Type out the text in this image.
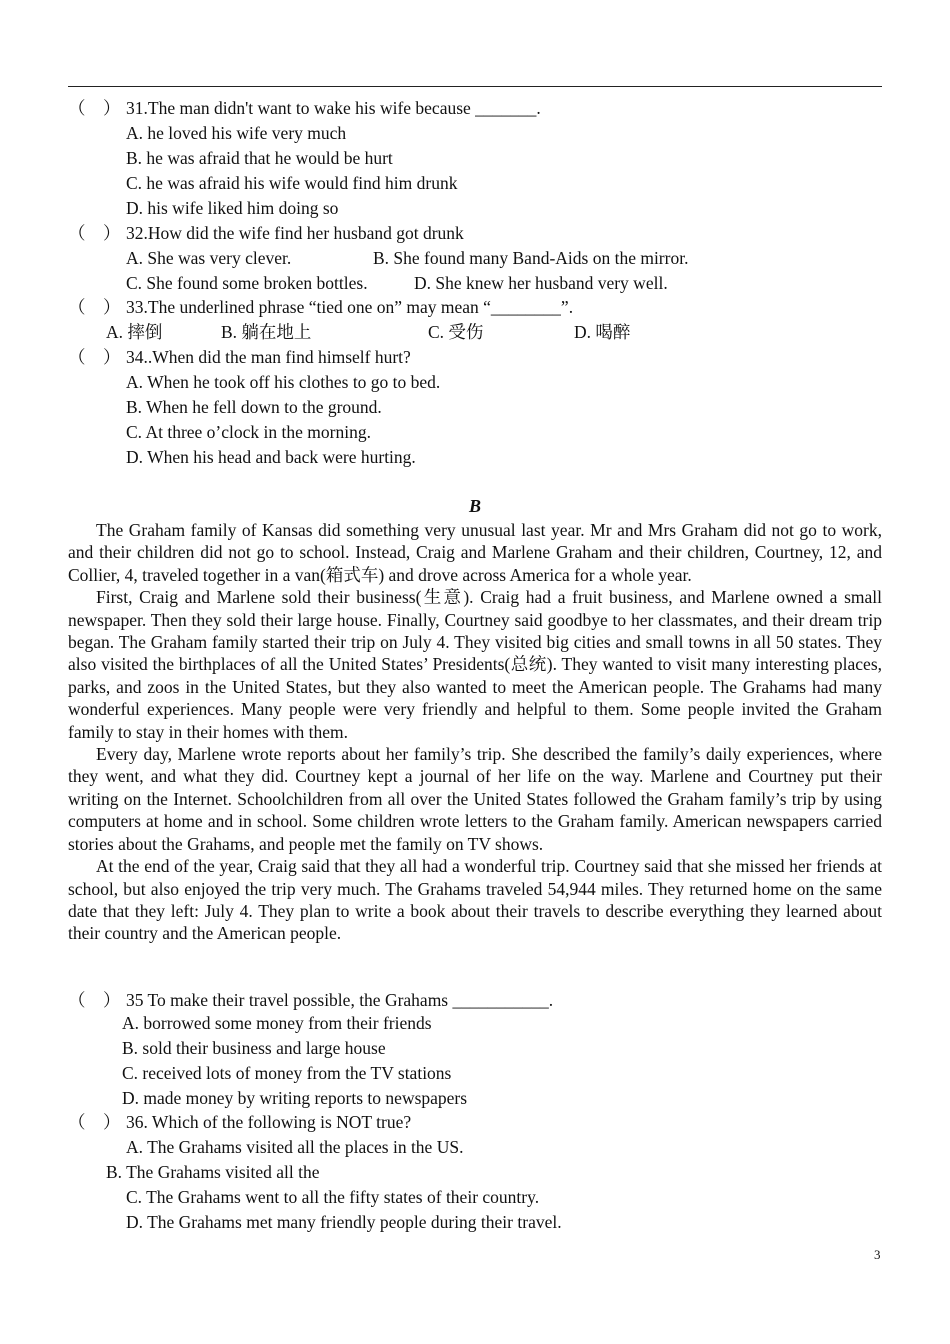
（    ） 31.The man didn't want to wake his wife because _______.
A. he loved his wife very much
B. he was afraid that he would be hurt
C. he was afraid his wife would find him drunk
D. his wife liked him doing so
（    ） 32.How did the wife find her husband got drunk
A. She was very clever.	B. She found many Band-Aids on the mirror.
C. She found some broken bottles.	D. She knew her husband very well.
（    ） 33.The underlined phrase “tied one on” may mean “________”.
A. 摔倒	B. 躺在地上	C. 受伤	D. 喝醉
（    ） 34..When did the man find himself hurt?
A. When he took off his clothes to go to bed.
B. When he fell down to the ground.
C. At three o’clock in the morning.
D. When his head and back were hurting.
B

The Graham family of Kansas did something very unusual last year. Mr and Mrs Graham did not go to work, and their children did not go to school. Instead, Craig and Marlene Graham and their children, Courtney, 12, and Collier, 4, traveled together in a van(箱式车) and drove across America for a whole year.

First, Craig and Marlene sold their business(生意). Craig had a fruit business, and Marlene owned a small newspaper. Then they sold their large house. Finally, Courtney said goodbye to her classmates, and their dream trip began. The Graham family started their trip on July 4. They visited big cities and small towns in all 50 states. They also visited the birthplaces of all the United States’ Presidents(总统). They wanted to visit many interesting places, parks, and zoos in the United States, but they also wanted to meet the American people. The Grahams had many wonderful experiences. Many people were very friendly and helpful to them. Some people invited the Graham family to stay in their homes with them.

Every day, Marlene wrote reports about her family’s trip. She described the family’s daily experiences, where they went, and what they did. Courtney kept a journal of her life on the way. Marlene and Courtney put their writing on the Internet. Schoolchildren from all over the United States followed the Graham family’s trip by using computers at home and in school. Some children wrote letters to the Graham family. American newspapers carried stories about the Grahams, and people met the family on TV shows.

At the end of the year, Craig said that they all had a wonderful trip. Courtney said that she missed her friends at school, but also enjoyed the trip very much. The Grahams traveled 54,944 miles. They returned home on the same date that they left: July 4. They plan to write a book about their travels to describe everything they learned about their country and the American people.

（    ） 35 To make their travel possible, the Grahams ___________.
A. borrowed some money from their friends
B. sold their business and large house
C. received lots of money from the TV stations
D. made money by writing reports to newspapers
（    ） 36. Which of the following is NOT true?
A. The Grahams visited all the places in the US.
B. The Grahams visited all the
C. The Grahams went to all the fifty states of their country.
D. The Grahams met many friendly people during their travel.
3
